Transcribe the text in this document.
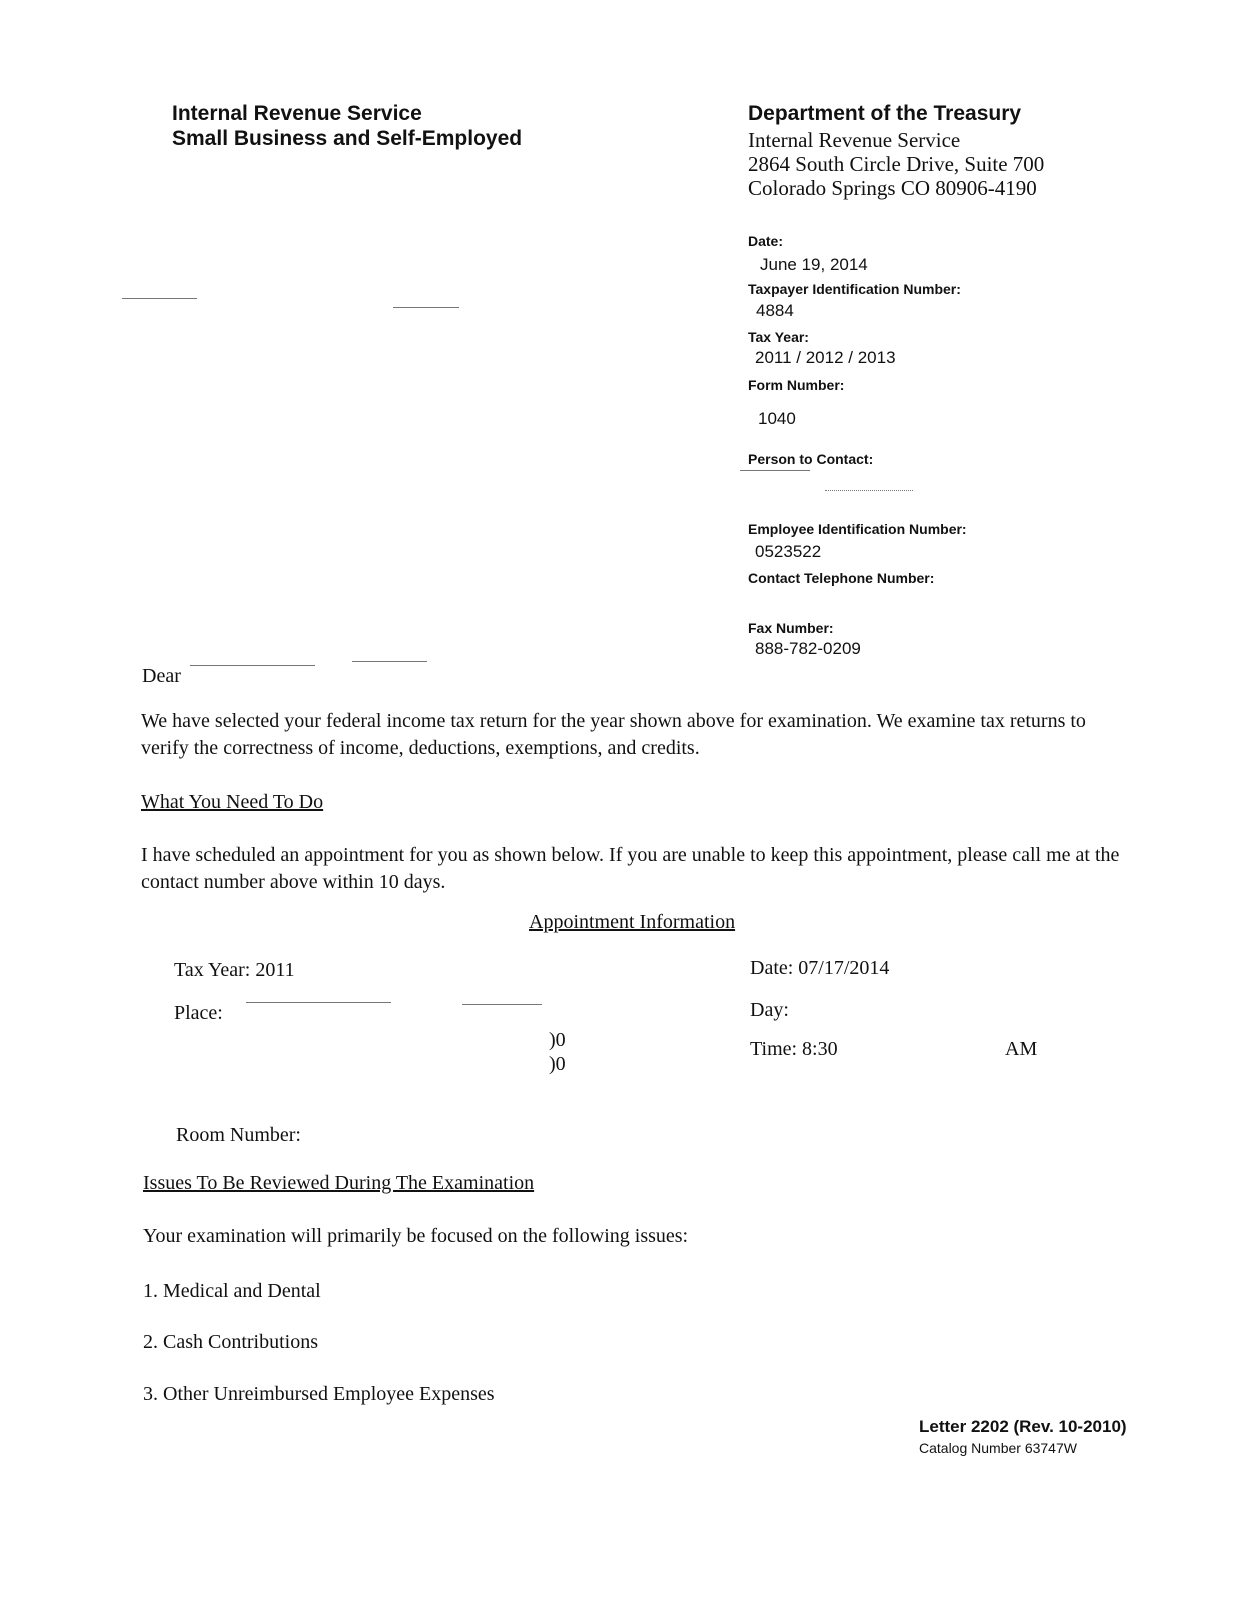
Internal Revenue Service
Small Business and Self-Employed
Department of the Treasury
Internal Revenue Service
2864 South Circle Drive, Suite 700
Colorado Springs CO 80906-4190
Date:
June 19, 2014
Taxpayer Identification Number:
4884
Tax Year:
2011 / 2012 / 2013
Form Number:
1040
Person to Contact:
Employee Identification Number:
0523522
Contact Telephone Number:
Fax Number:
888-782-0209
Dear
We have selected your federal income tax return for the year shown above for examination. We examine tax returns to verify the correctness of income, deductions, exemptions, and credits.
What You Need To Do
I have scheduled an appointment for you as shown below. If you are unable to keep this appointment, please call me at the contact number above within 10 days.
Appointment Information
Tax Year: 2011
Place:
)0
)0
Date: 07/17/2014
Day:
Time: 8:30	AM
Room Number:
Issues To Be Reviewed During The Examination
Your examination will primarily be focused on the following issues:
1. Medical and Dental
2. Cash Contributions
3. Other Unreimbursed Employee Expenses
Letter 2202 (Rev. 10-2010)
Catalog Number 63747W
